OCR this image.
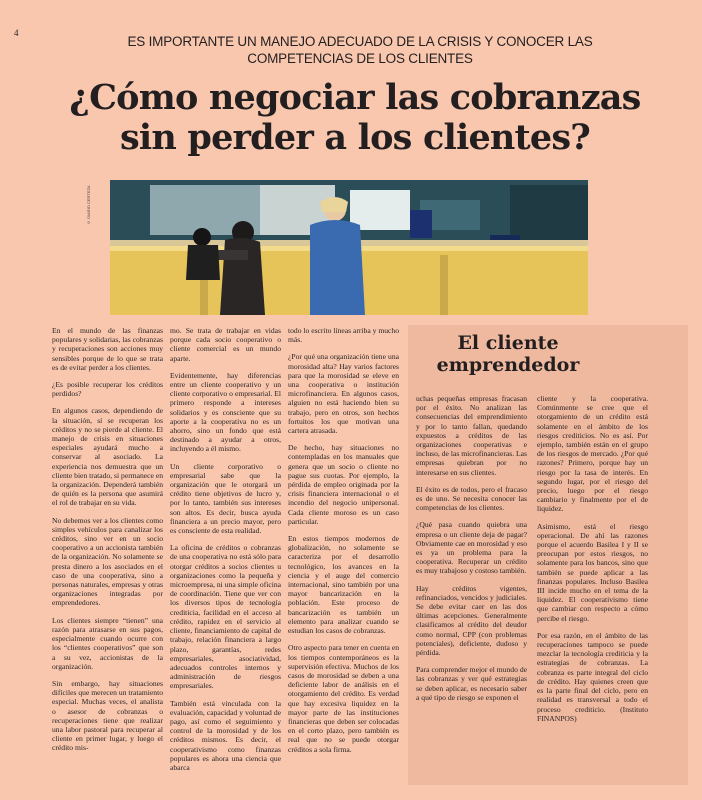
4
ES IMPORTANTE UN MANEJO ADECUADO DE LA CRISIS Y CONOCER LAS
COMPETENCIAS DE LOS CLIENTES
¿Cómo negociar las cobranzas
sin perder a los clientes?
© DIARIO CERTEZA

En el mundo de las finanzas populares y solidarias, las cobranzas y recuperaciones son acciones muy sensibles porque de lo que se trata es de evitar perder a los clientes.

¿Es posible recuperar los créditos perdidos?

En algunos casos, dependiendo de la situación, sí se recuperan los créditos y no se pierde al cliente. El manejo de crisis en situaciones especiales ayudará mucho a conservar al asociado. La experiencia nos demuestra que un cliente bien tratado, si permanece en la organización. Dependerá también de quién es la persona que asumirá el rol de trabajar en su vida.

No debemos ver a los clientes como simples vehículos para canalizar los créditos, sino ver en un socio cooperativo a un accionista también de la organización. No solamente se presta dinero a los asociados en el caso de una cooperativa, sino a personas naturales, empresas y otras organizaciones integradas por emprendedores.

Los clientes siempre “tienen” una razón para atrasarse en sus pagos, especialmente cuando ocurre con los “clientes cooperativos” que son a su vez, accionistas de la organización.

Sin embargo, hay situaciones difíciles que merecen un tratamiento especial. Muchas veces, el analista o asesor de cobranzas o recuperaciones tiene que realizar una labor pastoral para recuperar al cliente en primer lugar, y luego el crédito mis-

mo. Se trata de trabajar en vidas porque cada socio cooperativo o cliente comercial es un mundo aparte.

Evidentemente, hay diferencias entre un cliente cooperativo y un cliente corporativo o empresarial. El primero responde a intereses solidarios y es consciente que su aporte a la cooperativa no es un ahorro, sino un fondo que está destinado a ayudar a otros, incluyendo a él mismo.

Un cliente corporativo o empresarial sabe que la organización que le otorgará un crédito tiene objetivos de lucro y, por lo tanto, también sus intereses son altos. Es decir, busca ayuda financiera a un precio mayor, pero es consciente de esta realidad.

La oficina de créditos o cobranzas de una cooperativa no está sólo para otorgar créditos a socios clientes u organizaciones como la pequeña y microempresa, ni una simple oficina de coordinación. Tiene que ver con los diversos tipos de tecnología crediticia, facilidad en el acceso al crédito, rapidez en el servicio al cliente, financiamiento de capital de trabajo, relación financiera a largo plazo, garantías, redes empresariales, asociatividad, adecuados controles internos y administración de riesgos empresariales.

También está vinculada con la evaluación, capacidad y voluntad de pago, así como el seguimiento y control de la morosidad y de los créditos mismos. Es decir, el cooperativismo como finanzas populares es ahora una ciencia que abarca

todo lo escrito líneas arriba y mucho más.

¿Por qué una organización tiene una morosidad alta? Hay varios factores para que la morosidad se eleve en una cooperativa o institución microfinanciera. En algunos casos, alguien no está haciendo bien su trabajo, pero en otros, son hechos fortuitos los que motivan una cartera atrasada.

De hecho, hay situaciones no contempladas en los manuales que genera que un socio o cliente no pague sus cuotas. Por ejemplo, la pérdida de empleo originada por la crisis financiera internacional o el incendio del negocio unipersonal. Cada cliente moroso es un caso particular.

En estos tiempos modernos de globalización, no solamente se caracteriza por el desarrollo tecnológico, los avances en la ciencia y el auge del comercio internacional, sino también por una mayor bancarización en la población. Este proceso de bancarización es también un elemento para analizar cuando se estudian los casos de cobranzas.

Otro aspecto para tener en cuenta en los tiempos contemporáneos es la supervisión efectiva. Muchos de los casos de morosidad se deben a una deficiente labor de análisis en el otorgamiento del crédito. Es verdad que hay excesiva liquidez en la mayor parte de las instituciones financieras que deben ser colocadas en el corto plazo, pero también es real que no se puede otorgar créditos a sola firma.

El cliente
emprendedor

uchas pequeñas empresas fracasan por el éxito. No analizan las consecuencias del emprendimiento y por lo tanto fallan, quedando expuestos a créditos de las organizaciones cooperativas e incluso, de las microfinancieras. Las empresas quiebran por no interesarse en sus clientes.

El éxito es de todos, pero el fracaso es de uno. Se necesita conocer las competencias de los clientes.

¿Qué pasa cuando quiebra una empresa o un cliente deja de pagar? Obviamente cae en morosidad y eso es ya un problema para la cooperativa. Recuperar un crédito es muy trabajoso y costoso también.

Hay créditos vigentes, refinanciados, vencidos y judiciales. Se debe evitar caer en las dos últimas acepciones. Generalmente clasificamos al crédito del deudor como normal, CPP (con problemas potenciales), deficiente, dudoso y pérdida.

Para comprender mejor el mundo de las cobranzas y ver qué estrategias se deben aplicar, es necesario saber a qué tipo de riesgo se exponen el

cliente y la cooperativa. Comúnmente se cree que el otorgamiento de un crédito está solamente en el ámbito de los riesgos crediticios. No es así. Por ejemplo, también están en el grupo de los riesgos de mercado. ¿Por qué razones? Primero, porque hay un riesgo por la tasa de interés. En segundo lugar, por el riesgo del precio, luego por el riesgo cambiario y finalmente por el de liquidez.

Asimismo, está el riesgo operacional. De ahí las razones porque el acuerdo Basilea I y II se preocupan por estos riesgos, no solamente para los bancos, sino que también se puede aplicar a las finanzas populares. Incluso Basilea III incide mucho en el tema de la liquidez. El cooperativismo tiene que cambiar con respecto a cómo percibe el riesgo.

Por esa razón, en el ámbito de las recuperaciones tampoco se puede mezclar la tecnología crediticia y la estrategias de cobranzas. La cobranza es parte integral del ciclo de crédito. Hay quienes creen que es la parte final del ciclo, pero en realidad es transversal a todo el proceso crediticio. (Instituto FINANPOS)
